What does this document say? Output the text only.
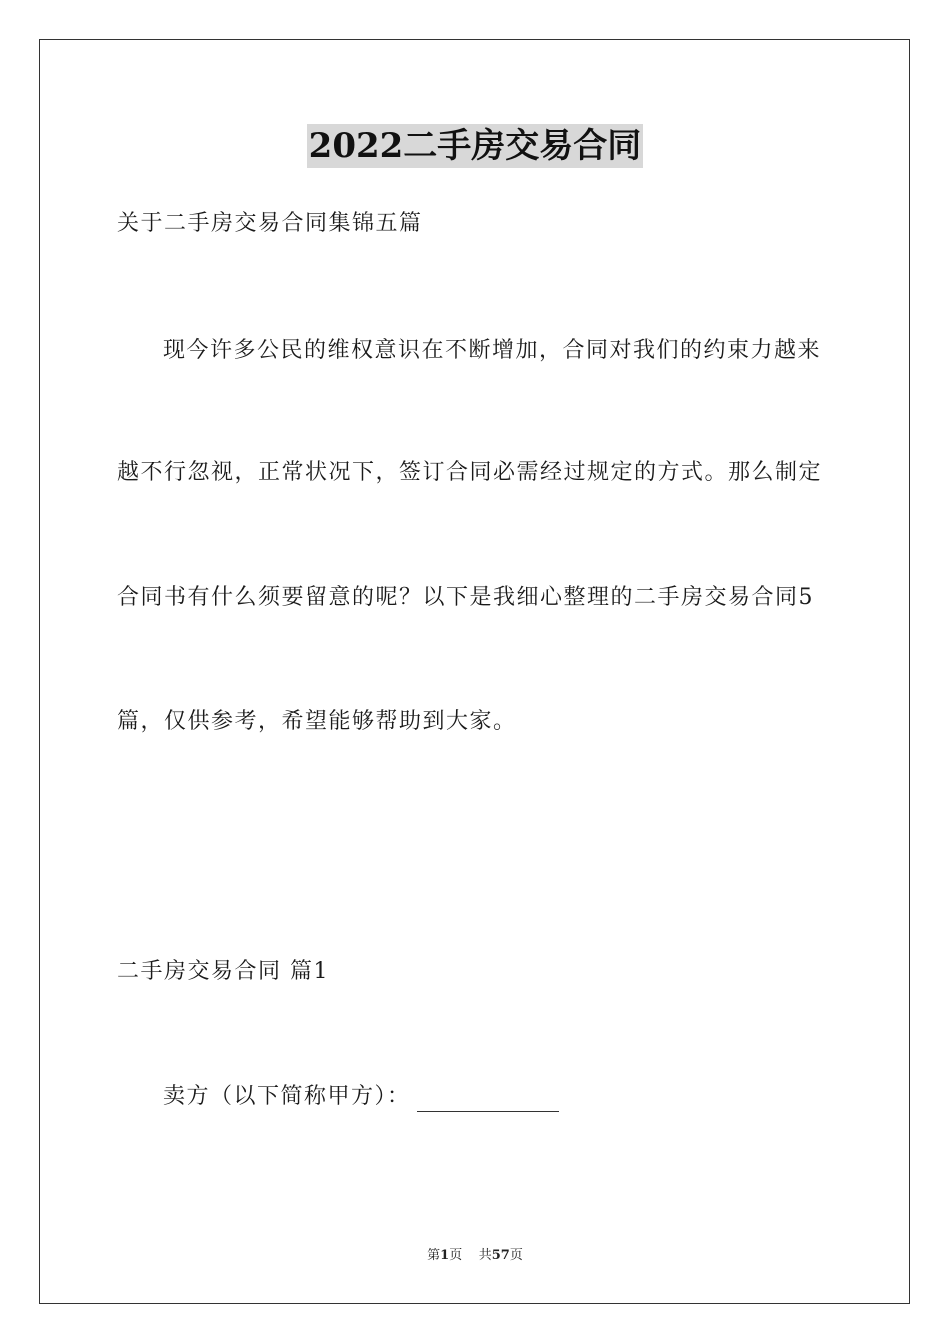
2022二手房交易合同
关于二手房交易合同集锦五篇
现今许多公民的维权意识在不断增加，合同对我们的约束力越来
越不行忽视，正常状况下，签订合同必需经过规定的方式。那么制定
合同书有什么须要留意的呢？以下是我细心整理的二手房交易合同5
篇，仅供参考，希望能够帮助到大家。
二手房交易合同 篇1
卖方（以下简称甲方）：
第1页 共57页
